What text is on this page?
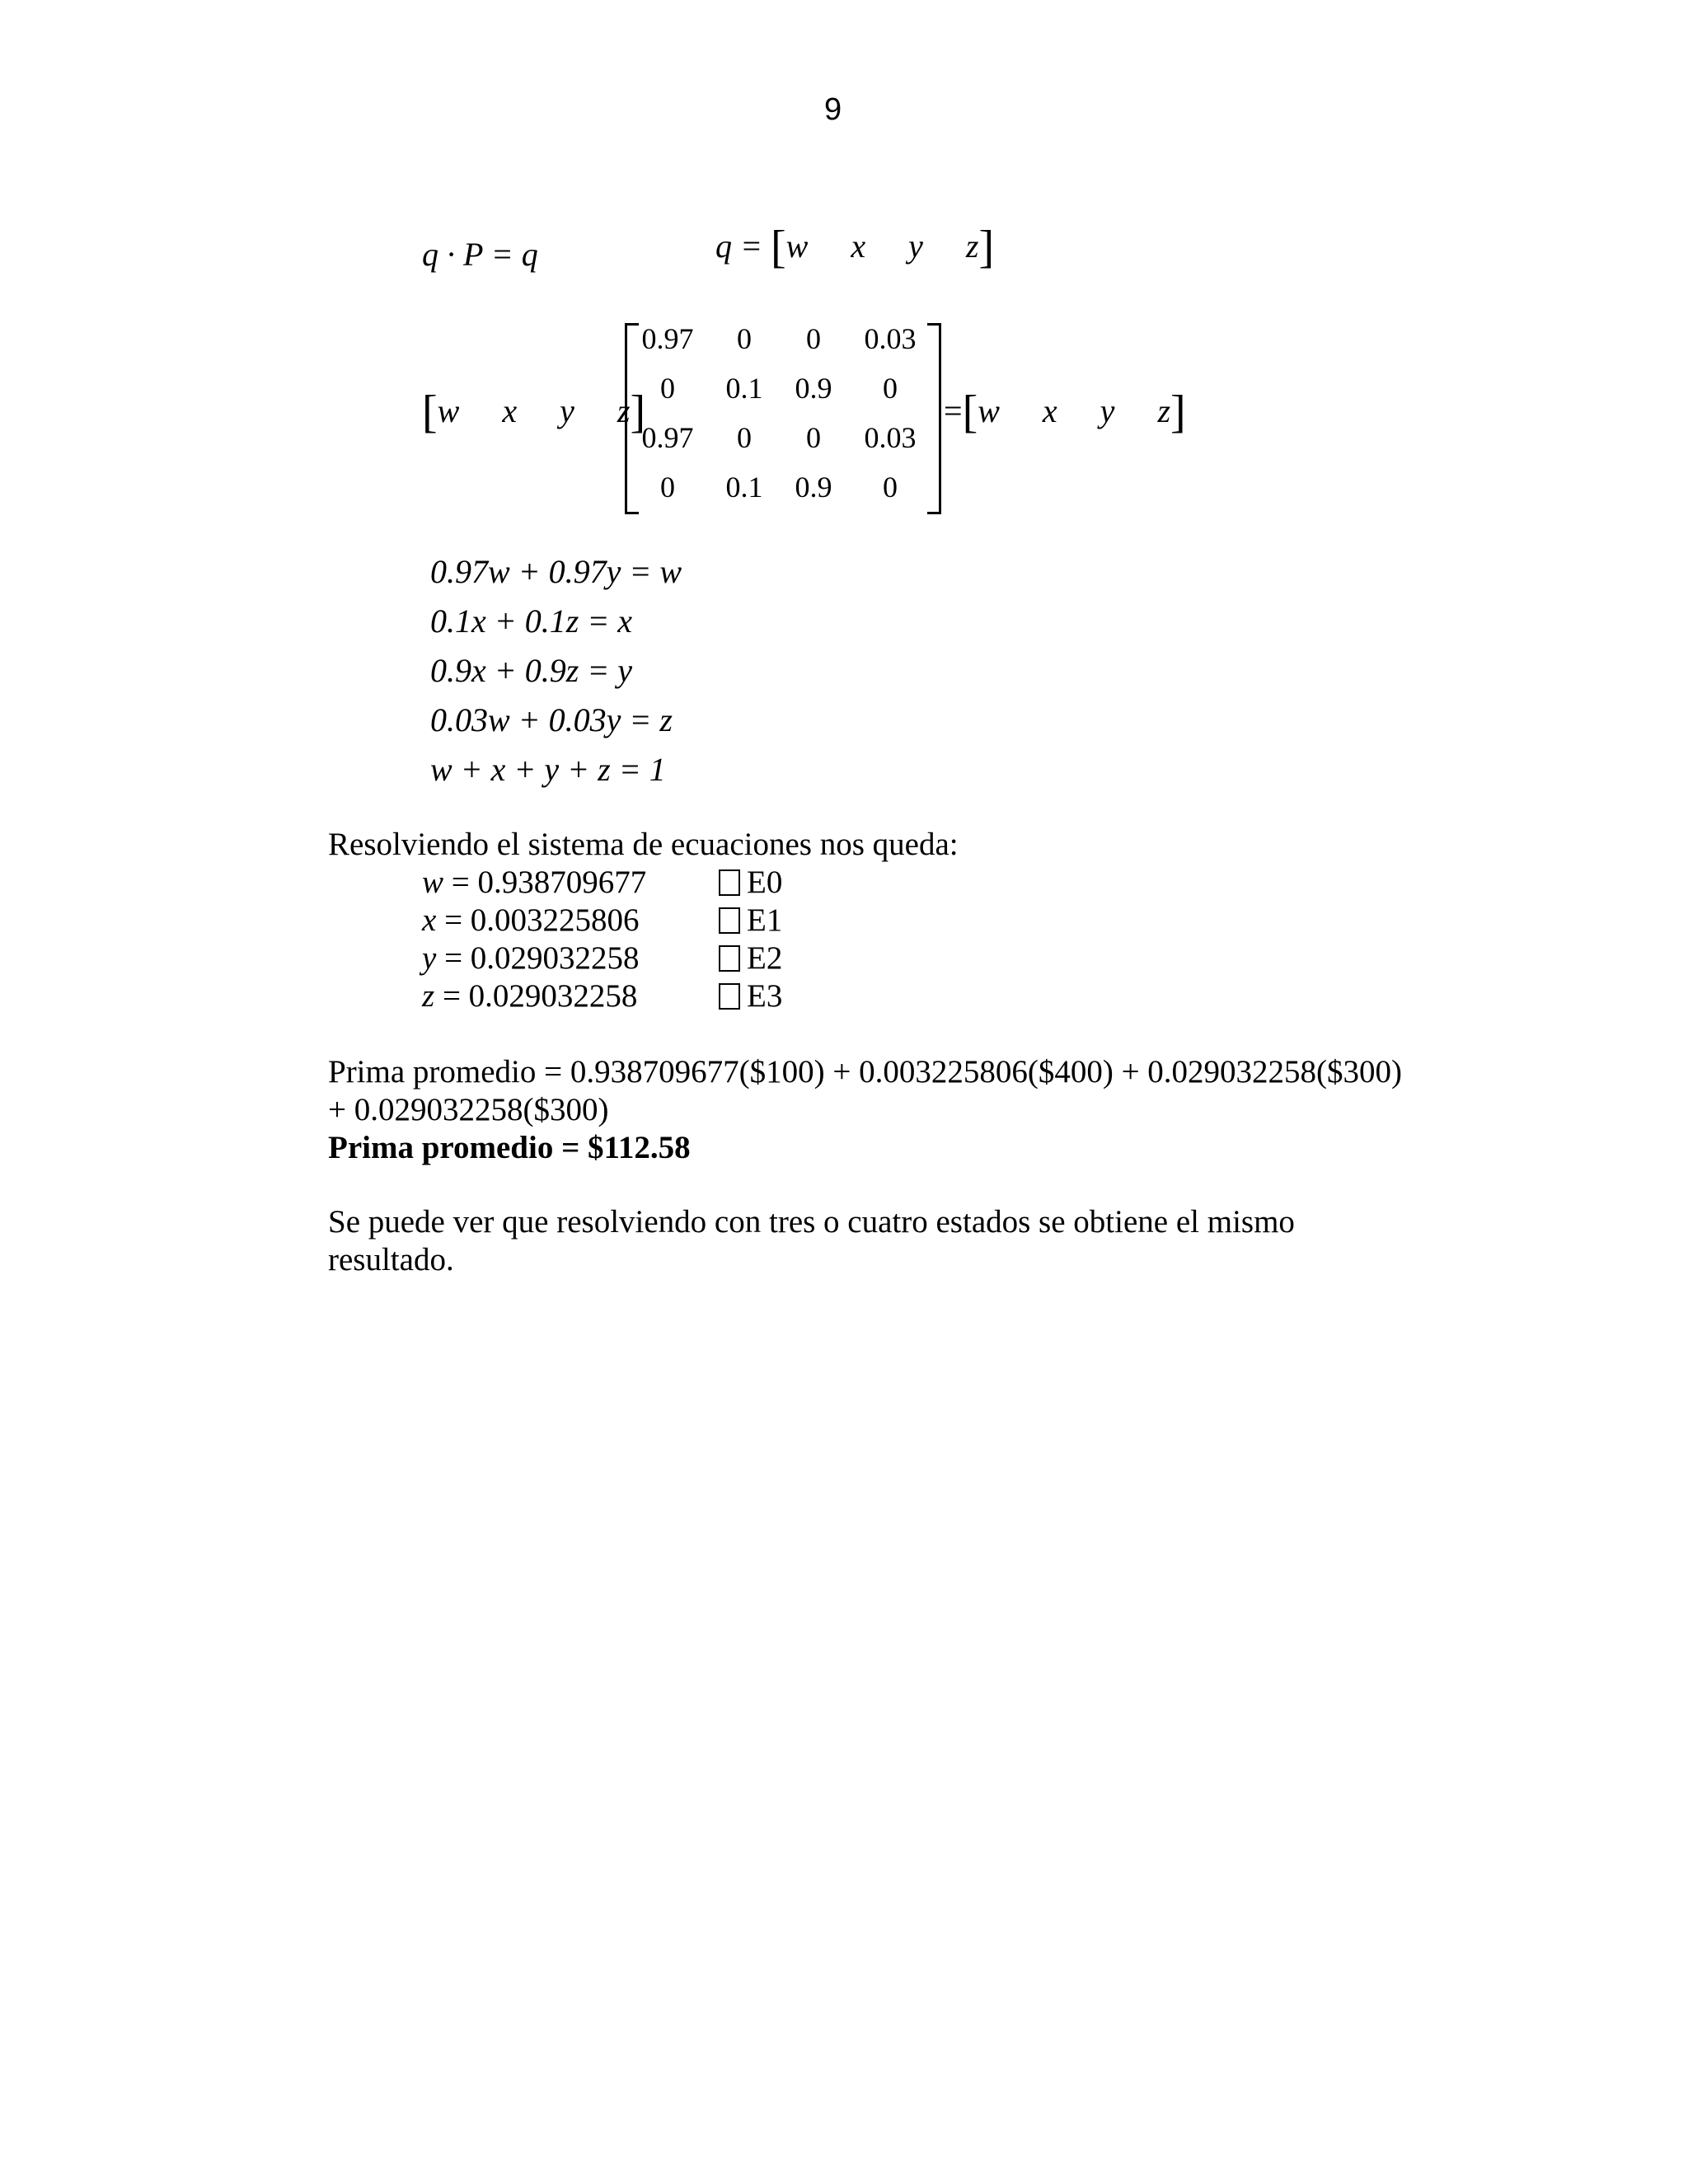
9
q · P = q	q = [w x y z]
[w x y z]
0.97	0	0	0.03
0	0.1	0.9	0
0.97	0	0	0.03
0	0.1	0.9	0
=[w x y z]
0.97w + 0.97y = w
0.1x + 0.1z = x
0.9x + 0.9z = y
0.03w + 0.03y = z
w + x + y + z = 1
Resolviendo el sistema de ecuaciones nos queda:
w = 0.938709677	E0
x = 0.003225806	E1
y = 0.029032258	E2
z = 0.029032258	E3
Prima promedio = 0.938709677($100) + 0.003225806($400) + 0.029032258($300)
+ 0.029032258($300)
Prima promedio = $112.58
Se puede ver que resolviendo con tres o cuatro estados se obtiene el mismo
resultado.
